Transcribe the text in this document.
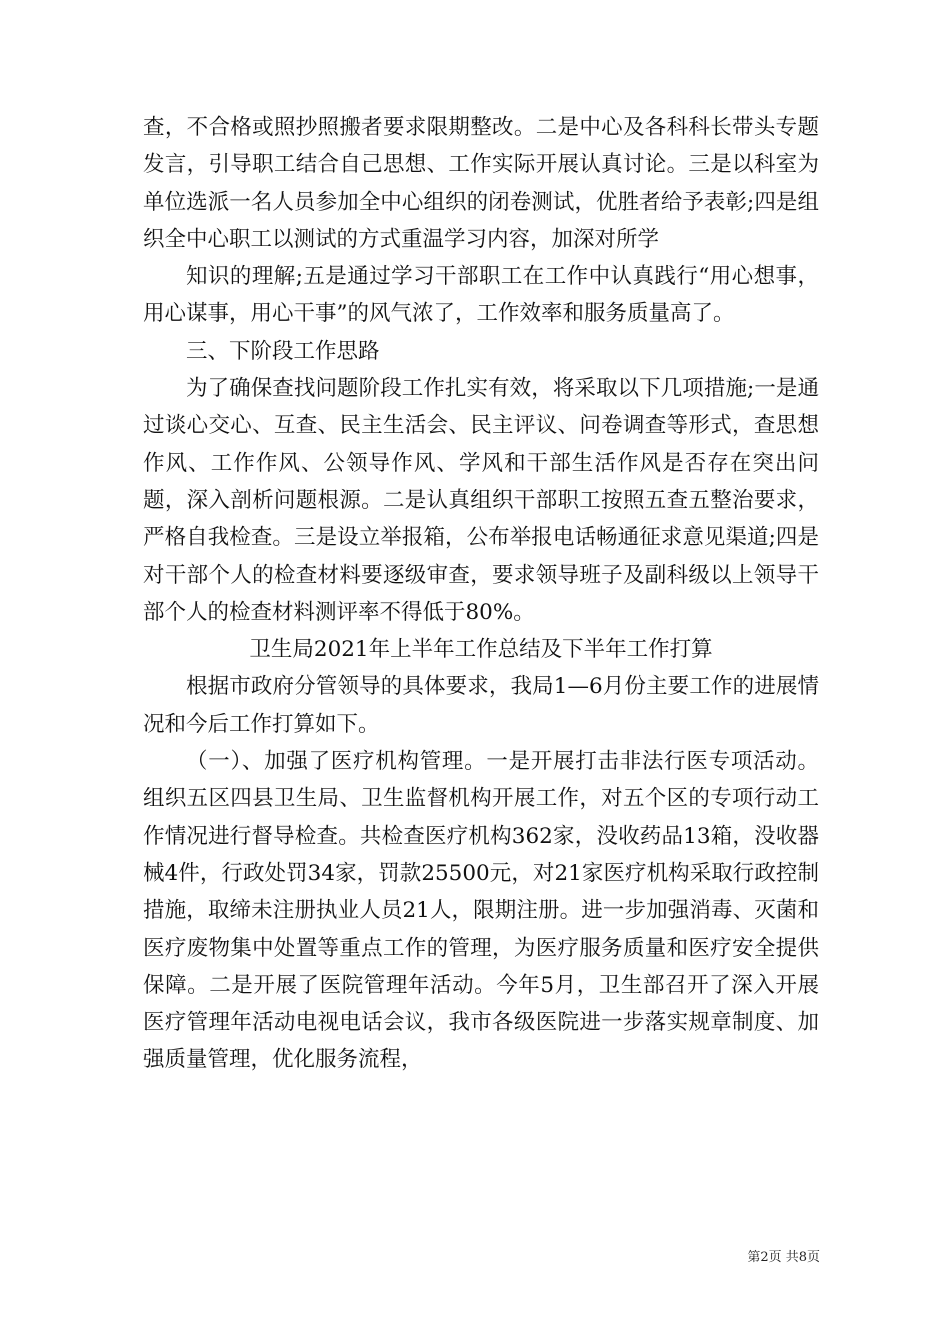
查，不合格或照抄照搬者要求限期整改。二是中心及各科科长带头专题发言，引导职工结合自己思想、工作实际开展认真讨论。三是以科室为单位选派一名人员参加全中心组织的闭卷测试，优胜者给予表彰;四是组织全中心职工以测试的方式重温学习内容，加深对所学

知识的理解;五是通过学习干部职工在工作中认真践行“用心想事，用心谋事，用心干事”的风气浓了，工作效率和服务质量高了。

三、下阶段工作思路

为了确保查找问题阶段工作扎实有效，将采取以下几项措施;一是通过谈心交心、互查、民主生活会、民主评议、问卷调查等形式，查思想作风、工作作风、公领导作风、学风和干部生活作风是否存在突出问题，深入剖析问题根源。二是认真组织干部职工按照五查五整治要求，严格自我检查。三是设立举报箱，公布举报电话畅通征求意见渠道;四是对干部个人的检查材料要逐级审查，要求领导班子及副科级以上领导干部个人的检查材料测评率不得低于80%。

卫生局2021年上半年工作总结及下半年工作打算

根据市政府分管领导的具体要求，我局1—6月份主要工作的进展情况和今后工作打算如下。

（一）、加强了医疗机构管理。一是开展打击非法行医专项活动。组织五区四县卫生局、卫生监督机构开展工作，对五个区的专项行动工作情况进行督导检查。共检查医疗机构362家，没收药品13箱，没收器械4件，行政处罚34家，罚款25500元，对21家医疗机构采取行政控制措施，取缔未注册执业人员21人，限期注册。进一步加强消毒、灭菌和医疗废物集中处置等重点工作的管理，为医疗服务质量和医疗安全提供保障。二是开展了医院管理年活动。今年5月，卫生部召开了深入开展医疗管理年活动电视电话会议，我市各级医院进一步落实规章制度、加强质量管理，优化服务流程，

第2页 共8页
